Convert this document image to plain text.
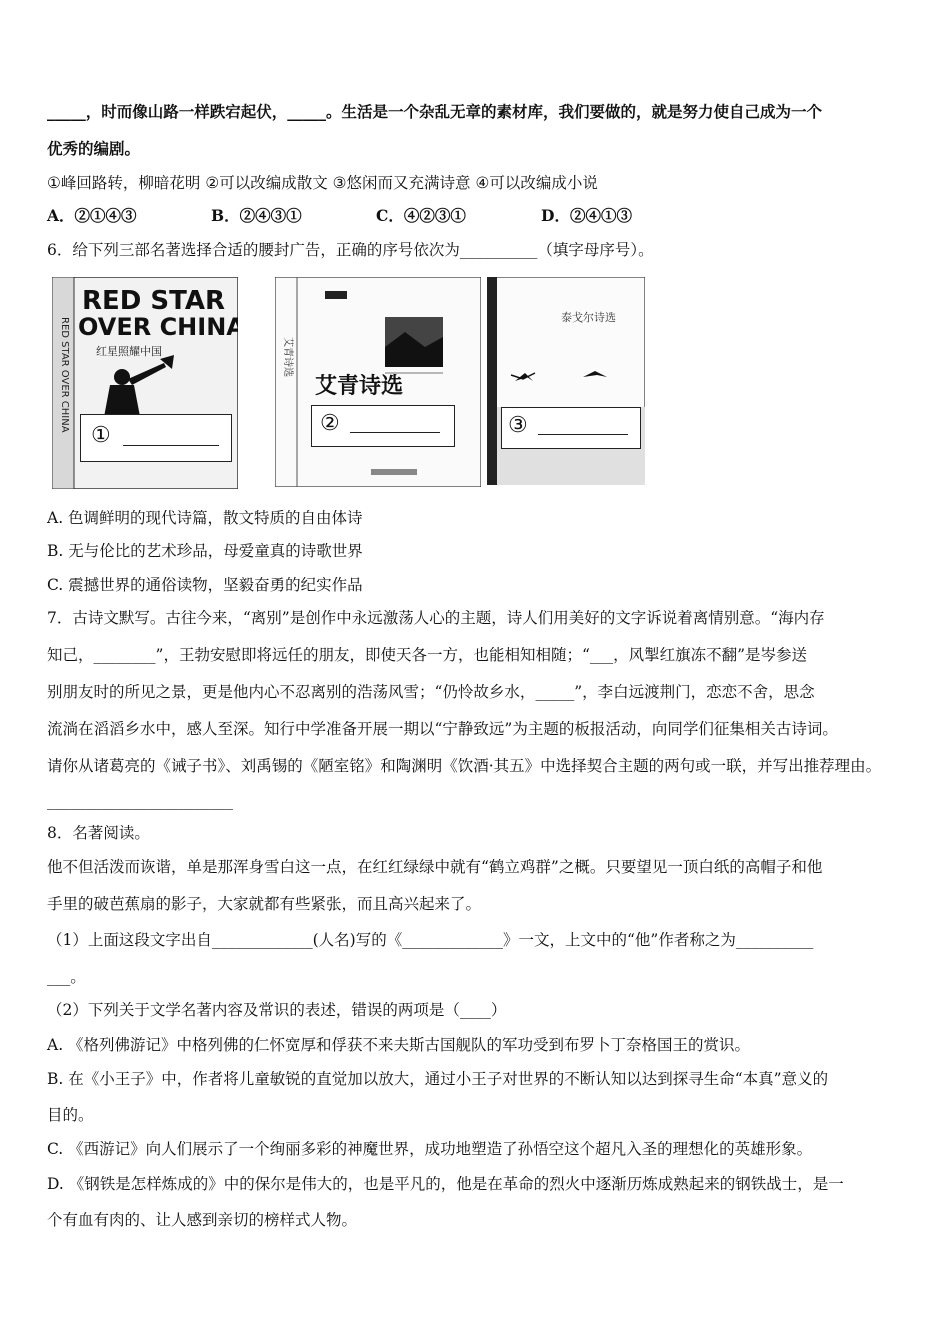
_____，时而像山路一样跌宕起伏，_____。生活是一个杂乱无章的素材库，我们要做的，就是努力使自己成为一个
优秀的编剧。
①峰回路转，柳暗花明 ②可以改编成散文 ③悠闲而又充满诗意 ④可以改编成小说
A．②①④③	B．②④③①	C．④②③①	D．②④①③
6．给下列三部名著选择合适的腰封广告，正确的序号依次为__________（填字母序号）。
RED STAR OVER CHINA
RED STAR
OVER CHINA
红星照耀中国
①
艾青诗选
艾青诗选
②
泰戈尔诗选
③
A. 色调鲜明的现代诗篇，散文特质的自由体诗
B. 无与伦比的艺术珍品，母爱童真的诗歌世界
C. 震撼世界的通俗读物，坚毅奋勇的纪实作品
7．古诗文默写。古往今来，“离别”是创作中永远激荡人心的主题，诗人们用美好的文字诉说着离情别意。“海内存
知己，________”，王勃安慰即将远任的朋友，即使天各一方，也能相知相随；“___，风掣红旗冻不翻”是岑参送
别朋友时的所见之景，更是他内心不忍离别的浩荡风雪；“仍怜故乡水，_____”，李白远渡荆门，恋恋不舍，思念
流淌在滔滔乡水中，感人至深。知行中学准备开展一期以“宁静致远”为主题的板报活动，向同学们征集相关古诗词。
请你从诸葛亮的《诫子书》、刘禹锡的《陋室铭》和陶渊明《饮酒·其五》中选择契合主题的两句或一联，并写出推荐理由。
________________________
8．名著阅读。
他不但活泼而诙谐，单是那浑身雪白这一点，在红红绿绿中就有“鹤立鸡群”之概。只要望见一顶白纸的高帽子和他
手里的破芭蕉扇的影子，大家就都有些紧张，而且高兴起来了。
（1）上面这段文字出自_____________(人名)写的《_____________》一文，上文中的“他”作者称之为__________
___。
（2）下列关于文学名著内容及常识的表述，错误的两项是（____）
A. 《格列佛游记》中格列佛的仁怀宽厚和俘获不来夫斯古国舰队的军功受到布罗卜丁奈格国王的赏识。
B. 在《小王子》中，作者将儿童敏锐的直觉加以放大，通过小王子对世界的不断认知以达到探寻生命“本真”意义的
目的。
C. 《西游记》向人们展示了一个绚丽多彩的神魔世界，成功地塑造了孙悟空这个超凡入圣的理想化的英雄形象。
D. 《钢铁是怎样炼成的》中的保尔是伟大的，也是平凡的，他是在革命的烈火中逐渐历炼成熟起来的钢铁战士，是一
个有血有肉的、让人感到亲切的榜样式人物。
